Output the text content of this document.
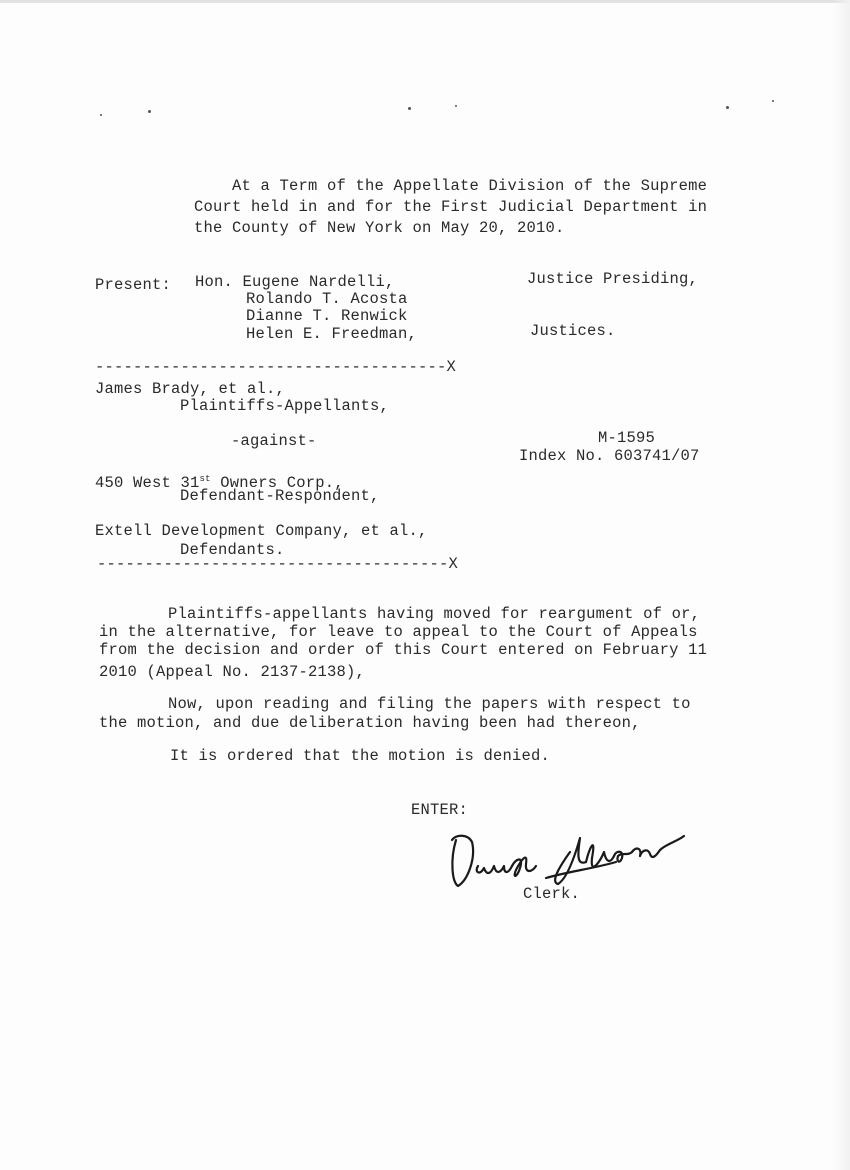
At a Term of the Appellate Division of the Supreme
Court held in and for the First Judicial Department in
the County of New York on May 20, 2010.
Present: Hon. Eugene Nardelli,
Rolando T. Acosta
Dianne T. Renwick
Helen E. Freedman,
Justice Presiding,
Justices.
-------------------------------------X
James Brady, et al.,
Plaintiffs-Appellants,
-against-	M-1595
Index No. 603741/07
450 West 31st Owners Corp.,
Defendant-Respondent,
Extell Development Company, et al.,
Defendants.
-------------------------------------X
Plaintiffs-appellants having moved for reargument of or,
in the alternative, for leave to appeal to the Court of Appeals
from the decision and order of this Court entered on February 11
2010 (Appeal No. 2137-2138),
Now, upon reading and filing the papers with respect to
the motion, and due deliberation having been had thereon,
It is ordered that the motion is denied.
ENTER:
Clerk.
